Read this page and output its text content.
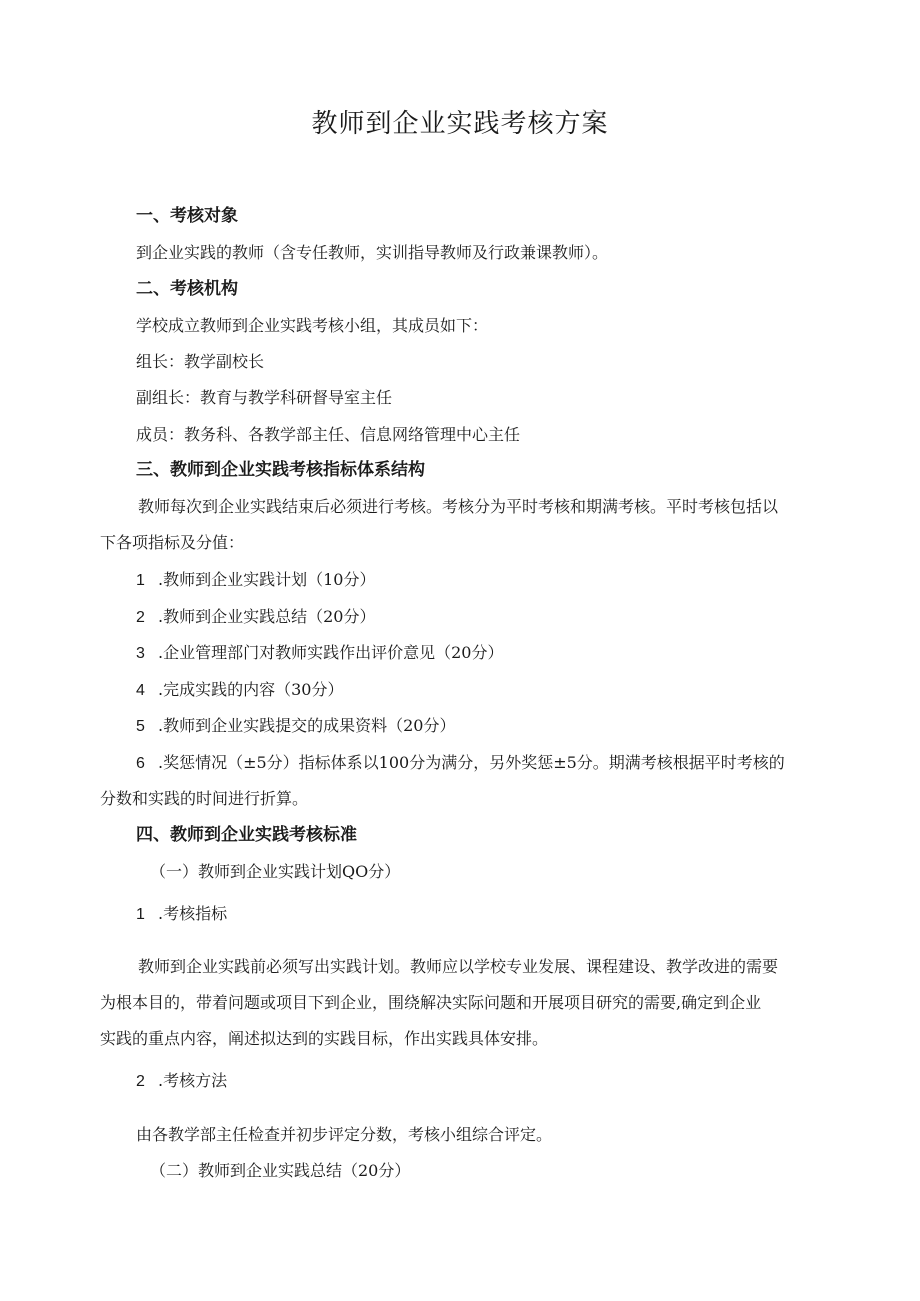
教师到企业实践考核方案
一、考核对象
到企业实践的教师（含专任教师，实训指导教师及行政兼课教师）。
二、考核机构
学校成立教师到企业实践考核小组，其成员如下：
组长：教学副校长
副组长：教育与教学科研督导室主任
成员：教务科、各教学部主任、信息网络管理中心主任
三、教师到企业实践考核指标体系结构
教师每次到企业实践结束后必须进行考核。考核分为平时考核和期满考核。平时考核包括以
下各项指标及分值：
1 .教师到企业实践计划（10分）
2 .教师到企业实践总结（20分）
3 .企业管理部门对教师实践作出评价意见（20分）
4 .完成实践的内容（30分）
5 .教师到企业实践提交的成果资料（20分）
6 .奖惩情况（±5分）指标体系以100分为满分，另外奖惩±5分。期满考核根据平时考核的
分数和实践的时间进行折算。
四、教师到企业实践考核标准
（一）教师到企业实践计划QO分）
1 .考核指标
教师到企业实践前必须写出实践计划。教师应以学校专业发展、课程建设、教学改进的需要
为根本目的，带着问题或项目下到企业，围绕解决实际问题和开展项目研究的需要,确定到企业
实践的重点内容，阐述拟达到的实践目标，作出实践具体安排。
2 .考核方法
由各教学部主任检查并初步评定分数，考核小组综合评定。
（二）教师到企业实践总结（20分）
